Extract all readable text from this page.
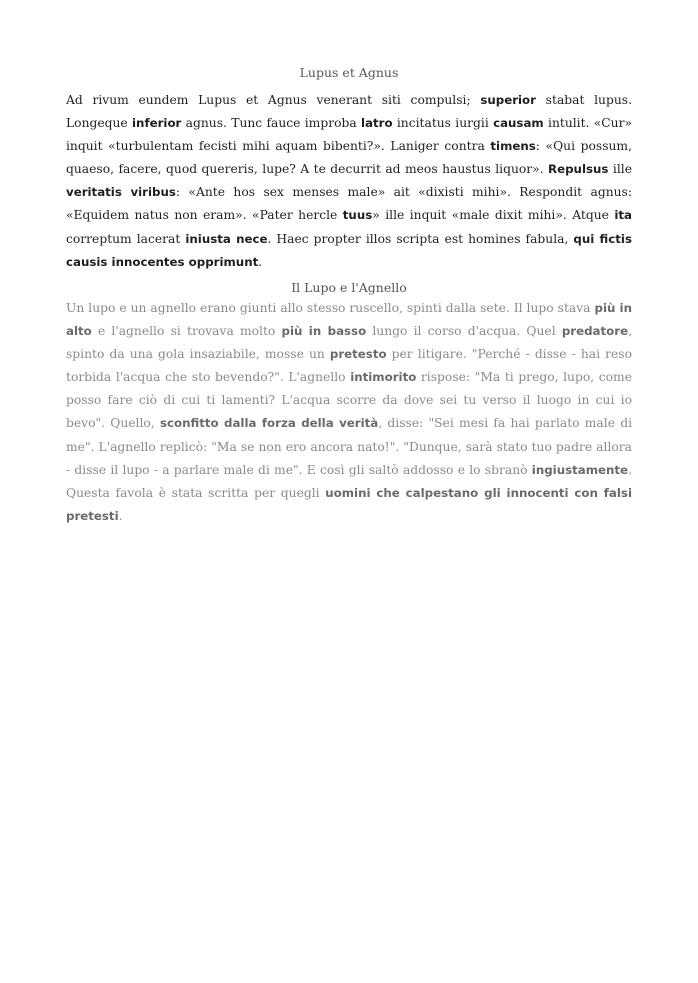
Lupus et Agnus

Ad rivum eundem Lupus et Agnus venerant siti compulsi; superior stabat lupus. Longeque inferior agnus. Tunc fauce improba latro incitatus iurgii causam intulit. «Cur» inquit «turbulentam fecisti mihi aquam bibenti?». Laniger contra timens: «Qui possum, quaeso, facere, quod quereris, lupe? A te decurrit ad meos haustus liquor». Repulsus ille veritatis viribus: «Ante hos sex menses male» ait «dixisti mihi». Respondit agnus: «Equidem natus non eram». «Pater hercle tuus» ille inquit «male dixit mihi». Atque ita correptum lacerat iniusta nece. Haec propter illos scripta est homines fabula, qui fictis causis innocentes opprimunt.

Il Lupo e l'Agnello

Un lupo e un agnello erano giunti allo stesso ruscello, spinti dalla sete. Il lupo stava più in alto e l'agnello si trovava molto più in basso lungo il corso d'acqua. Quel predatore, spinto da una gola insaziabile, mosse un pretesto per litigare. "Perché - disse - hai reso torbida l'acqua che sto bevendo?". L'agnello intimorito rispose: "Ma ti prego, lupo, come posso fare ciò di cui ti lamenti? L'acqua scorre da dove sei tu verso il luogo in cui io bevo". Quello, sconfitto dalla forza della verità, disse: "Sei mesi fa hai parlato male di me". L'agnello replicò: "Ma se non ero ancora nato!". "Dunque, sarà stato tuo padre allora - disse il lupo - a parlare male di me". E così gli saltò addosso e lo sbranò ingiustamente. Questa favola è stata scritta per quegli uomini che calpestano gli innocenti con falsi pretesti.
